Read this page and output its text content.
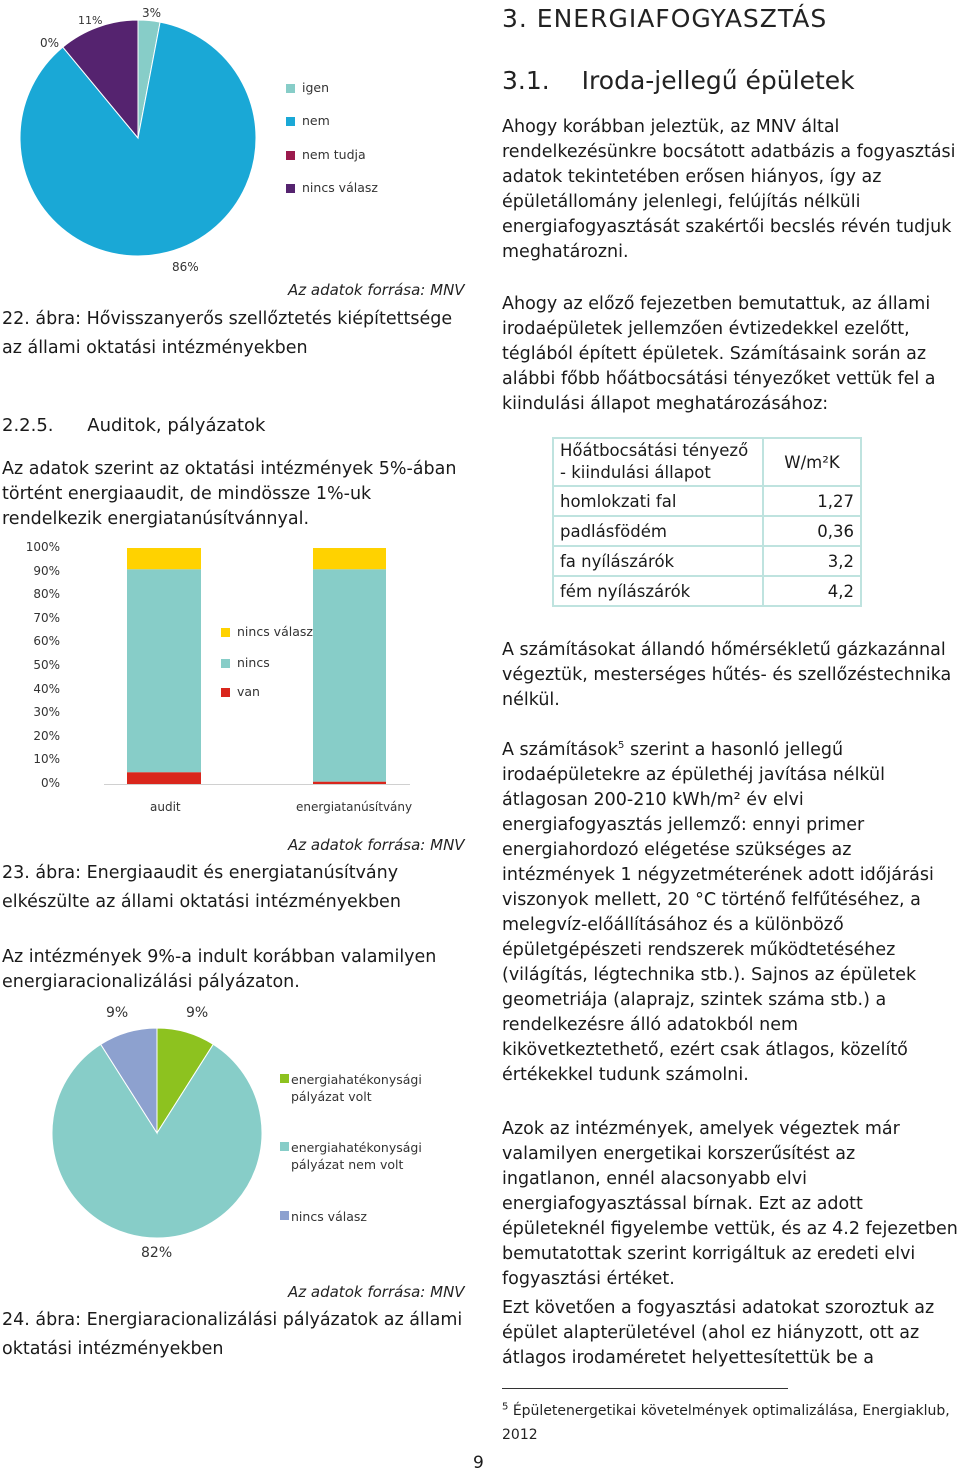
3%
11%
0%
86%
igen
nem
nem tudja
nincs válasz
Az adatok forrása: MNV
22. ábra: Hővisszanyerős szellőztetés kiépítettsége az állami oktatási intézményekben
2.2.5. Auditok, pályázatok
Az adatok szerint az oktatási intézmények 5%-ában történt energiaaudit, de mindössze 1%-uk rendelkezik energiatanúsítvánnyal.
100%
90%
80%
70%
60%
50%
40%
30%
20%
10%
0%
audit	energiatanúsítvány
nincs válasz
nincs
van
Az adatok forrása: MNV
23. ábra: Energiaaudit és energiatanúsítvány elkészülte az állami oktatási intézményekben
Az intézmények 9%-a indult korábban valamilyen energiaracionalizálási pályázaton.
9%	9%
82%
energiahatékonysági
pályázat volt
energiahatékonysági
pályázat nem volt
nincs válasz
Az adatok forrása: MNV
24. ábra: Energiaracionalizálási pályázatok az állami oktatási intézményekben
3. ENERGIAFOGYASZTÁS
3.1. Iroda-jellegű épületek
Ahogy korábban jeleztük, az MNV által rendelkezésünkre bocsátott adatbázis a fogyasztási adatok tekintetében erősen hiányos, így az épületállomány jelenlegi, felújítás nélküli energiafogyasztását szakértői becslés révén tudjuk meghatározni.
Ahogy az előző fejezetben bemutattuk, az állami irodaépületek jellemzően évtizedekkel ezelőtt, téglából épített épületek. Számításaink során az alábbi főbb hőátbocsátási tényezőket vettük fel a kiindulási állapot meghatározásához:
Hőátbocsátási tényező - kiindulási állapot	W/m²K
homlokzati fal	1,27
padlásfödém	0,36
fa nyílászárók	3,2
fém nyílászárók	4,2
A számításokat állandó hőmérsékletű gázkazánnal végeztük, mesterséges hűtés- és szellőzéstechnika nélkül.
A számítások$^5$ szerint a hasonló jellegű irodaépületekre az épülethéj javítása nélkül átlagosan 200-210 kWh/m² év elvi energiafogyasztás jellemző: ennyi primer energiahordozó elégetése szükséges az intézmények 1 négyzetméterének adott időjárási viszonyok mellett, 20 °C történő felfűtéséhez, a melegvíz-előállításához és a különböző épületgépészeti rendszerek működtetéséhez (világítás, légtechnika stb.). Sajnos az épületek geometriája (alaprajz, szintek száma stb.) a rendelkezésre álló adatokból nem kikövetkeztethető, ezért csak átlagos, közelítő értékekkel tudunk számolni.
Azok az intézmények, amelyek végeztek már valamilyen energetikai korszerűsítést az ingatlanon, ennél alacsonyabb elvi energiafogyasztással bírnak. Ezt az adott épületeknél figyelembe vettük, és az 4.2 fejezetben bemutatottak szerint korrigáltuk az eredeti elvi fogyasztási értéket.
Ezt követően a fogyasztási adatokat szoroztuk az épület alapterületével (ahol ez hiányzott, ott az átlagos irodaméretet helyettesítettük be a
$^5$ Épületenergetikai követelmények optimalizálása, Energiaklub, 2012
9
